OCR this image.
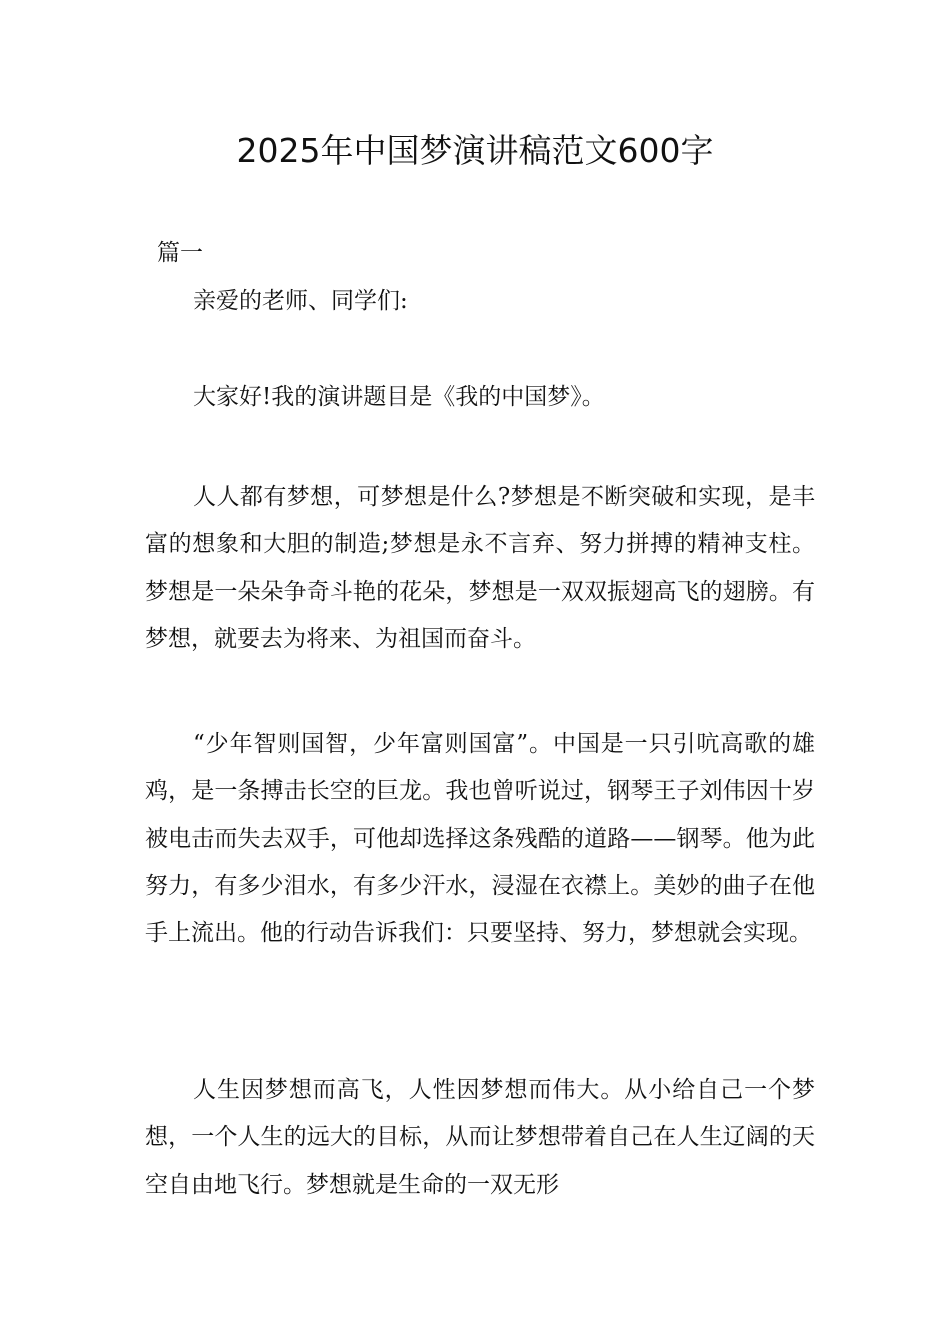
2025年中国梦演讲稿范文600字

篇一

亲爱的老师、同学们:

大家好!我的演讲题目是《我的中国梦》。

人人都有梦想，可梦想是什么?梦想是不断突破和实现，是丰富的想象和大胆的制造;梦想是永不言弃、努力拼搏的精神支柱。梦想是一朵朵争奇斗艳的花朵，梦想是一双双振翅高飞的翅膀。有梦想，就要去为将来、为祖国而奋斗。

“少年智则国智，少年富则国富”。中国是一只引吭高歌的雄鸡，是一条搏击长空的巨龙。我也曾听说过，钢琴王子刘伟因十岁被电击而失去双手，可他却选择这条残酷的道路——钢琴。他为此努力，有多少泪水，有多少汗水，浸湿在衣襟上。美妙的曲子在他手上流出。他的行动告诉我们：只要坚持、努力，梦想就会实现。

人生因梦想而高飞，人性因梦想而伟大。从小给自己一个梦想，一个人生的远大的目标，从而让梦想带着自己在人生辽阔的天空自由地飞行。梦想就是生命的一双无形
